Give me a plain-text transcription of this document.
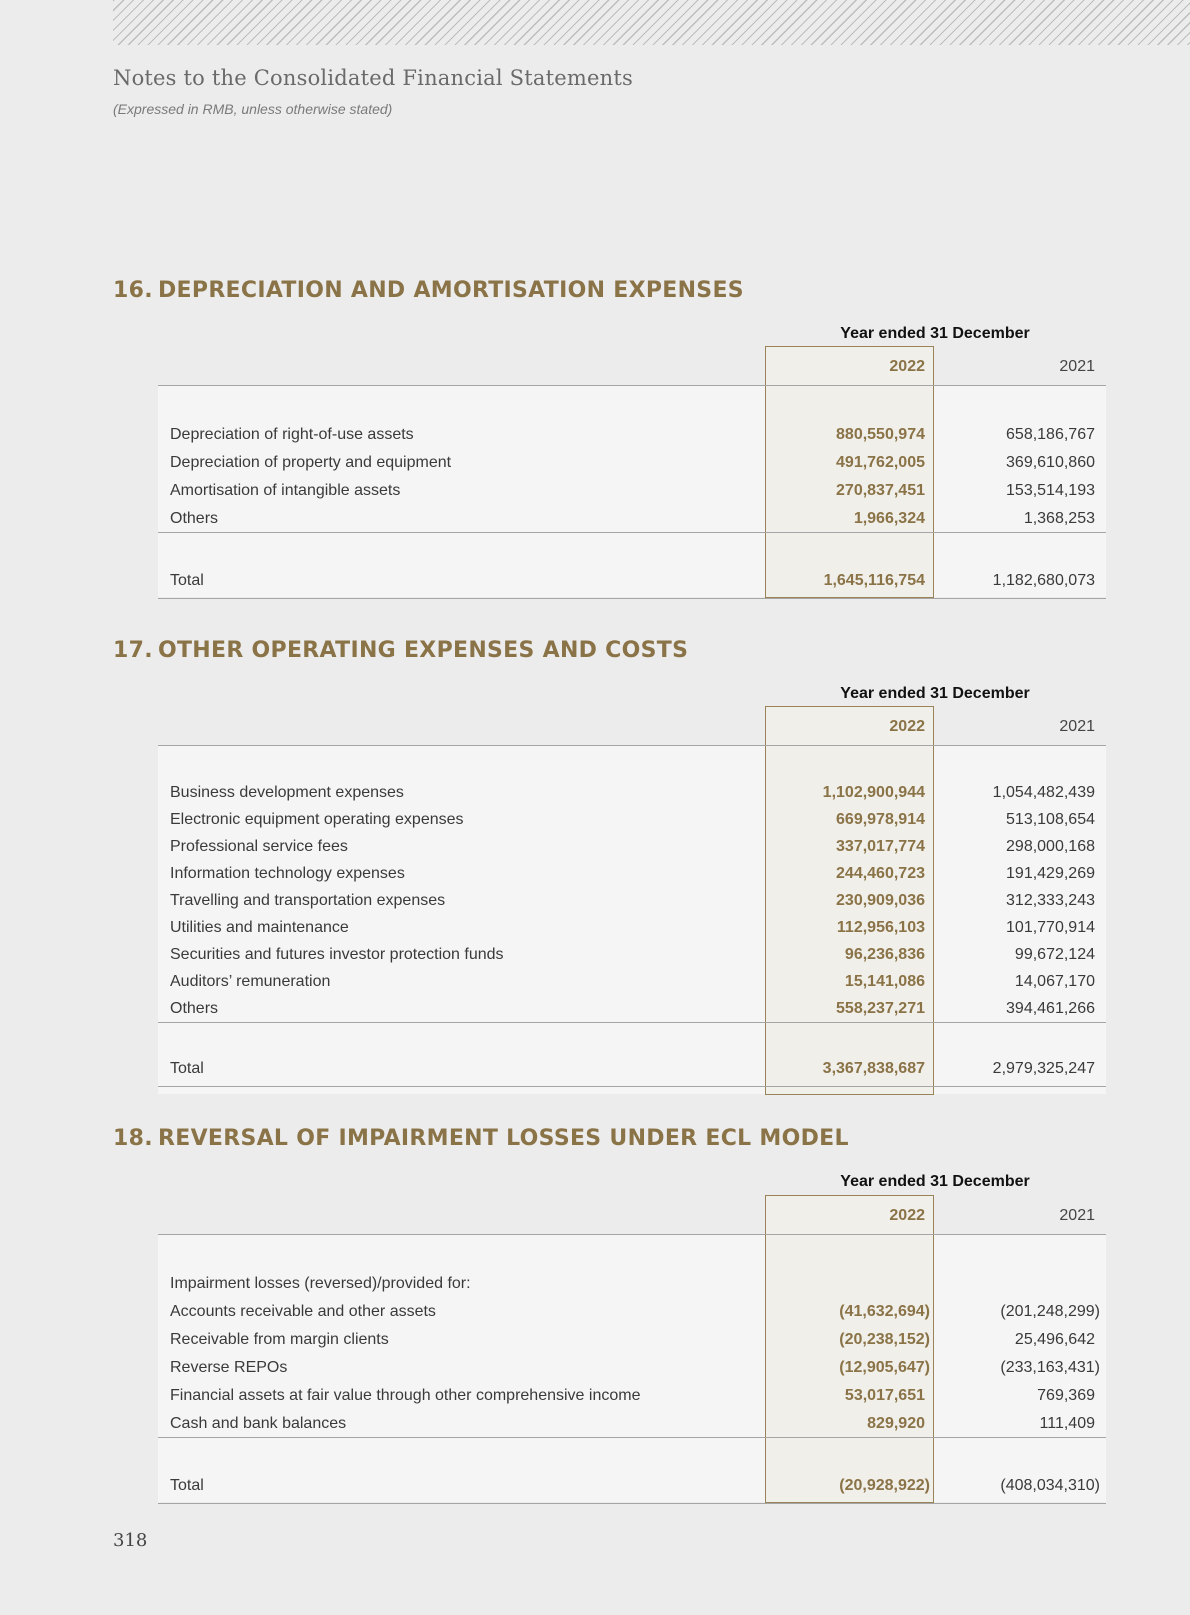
Notes to the Consolidated Financial Statements
(Expressed in RMB, unless otherwise stated)
16. DEPRECIATION AND AMORTISATION EXPENSES
Year ended 31 December
2022	2021
Depreciation of right-of-use assets	880,550,974	658,186,767
Depreciation of property and equipment	491,762,005	369,610,860
Amortisation of intangible assets	270,837,451	153,514,193
Others	1,966,324	1,368,253
Total	1,645,116,754	1,182,680,073
17. OTHER OPERATING EXPENSES AND COSTS
Year ended 31 December
2022	2021
Business development expenses	1,102,900,944	1,054,482,439
Electronic equipment operating expenses	669,978,914	513,108,654
Professional service fees	337,017,774	298,000,168
Information technology expenses	244,460,723	191,429,269
Travelling and transportation expenses	230,909,036	312,333,243
Utilities and maintenance	112,956,103	101,770,914
Securities and futures investor protection funds	96,236,836	99,672,124
Auditors’ remuneration	15,141,086	14,067,170
Others	558,237,271	394,461,266
Total	3,367,838,687	2,979,325,247
18. REVERSAL OF IMPAIRMENT LOSSES UNDER ECL MODEL
Year ended 31 December
2022	2021
Impairment losses (reversed)/provided for:
Accounts receivable and other assets	(41,632,694)	(201,248,299)
Receivable from margin clients	(20,238,152)	25,496,642
Reverse REPOs	(12,905,647)	(233,163,431)
Financial assets at fair value through other comprehensive income	53,017,651	769,369
Cash and bank balances	829,920	111,409
Total	(20,928,922)	(408,034,310)
318
